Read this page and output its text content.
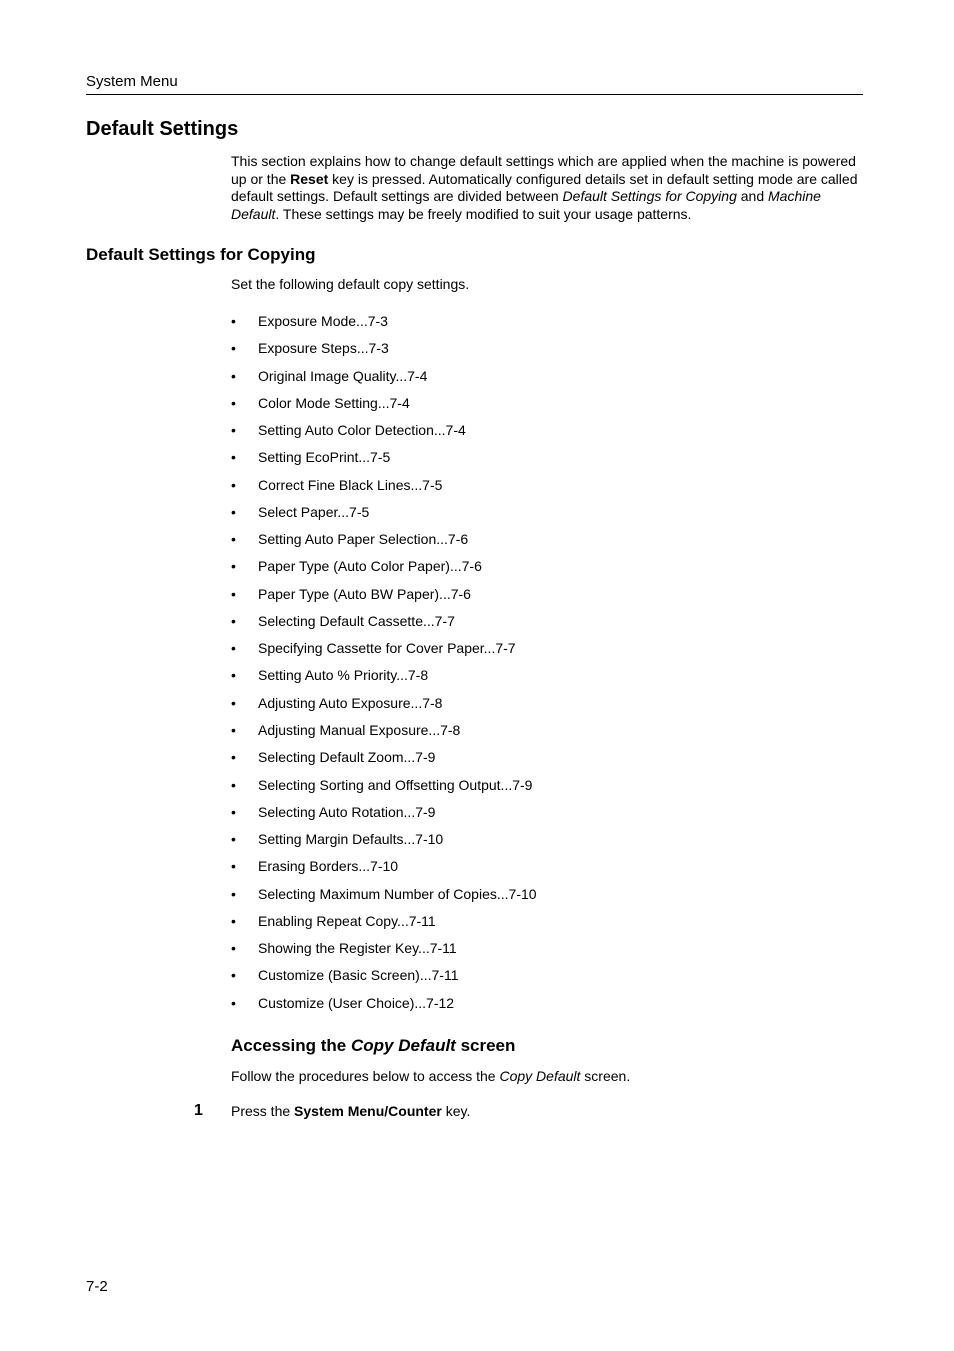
System Menu
Default Settings

This section explains how to change default settings which are applied when the machine is powered up or the Reset key is pressed. Automatically configured details set in default setting mode are called default settings. Default settings are divided between Default Settings for Copying and Machine Default. These settings may be freely modified to suit your usage patterns.

Default Settings for Copying

Set the following default copy settings.

•	Exposure Mode...7-3
•	Exposure Steps...7-3
•	Original Image Quality...7-4
•	Color Mode Setting...7-4
•	Setting Auto Color Detection...7-4
•	Setting EcoPrint...7-5
•	Correct Fine Black Lines...7-5
•	Select Paper...7-5
•	Setting Auto Paper Selection...7-6
•	Paper Type (Auto Color Paper)...7-6
•	Paper Type (Auto BW Paper)...7-6
•	Selecting Default Cassette...7-7
•	Specifying Cassette for Cover Paper...7-7
•	Setting Auto % Priority...7-8
•	Adjusting Auto Exposure...7-8
•	Adjusting Manual Exposure...7-8
•	Selecting Default Zoom...7-9
•	Selecting Sorting and Offsetting Output...7-9
•	Selecting Auto Rotation...7-9
•	Setting Margin Defaults...7-10
•	Erasing Borders...7-10
•	Selecting Maximum Number of Copies...7-10
•	Enabling Repeat Copy...7-11
•	Showing the Register Key...7-11
•	Customize (Basic Screen)...7-11
•	Customize (User Choice)...7-12
Accessing the Copy Default screen

Follow the procedures below to access the Copy Default screen.

1 Press the System Menu/Counter key.
7-2
